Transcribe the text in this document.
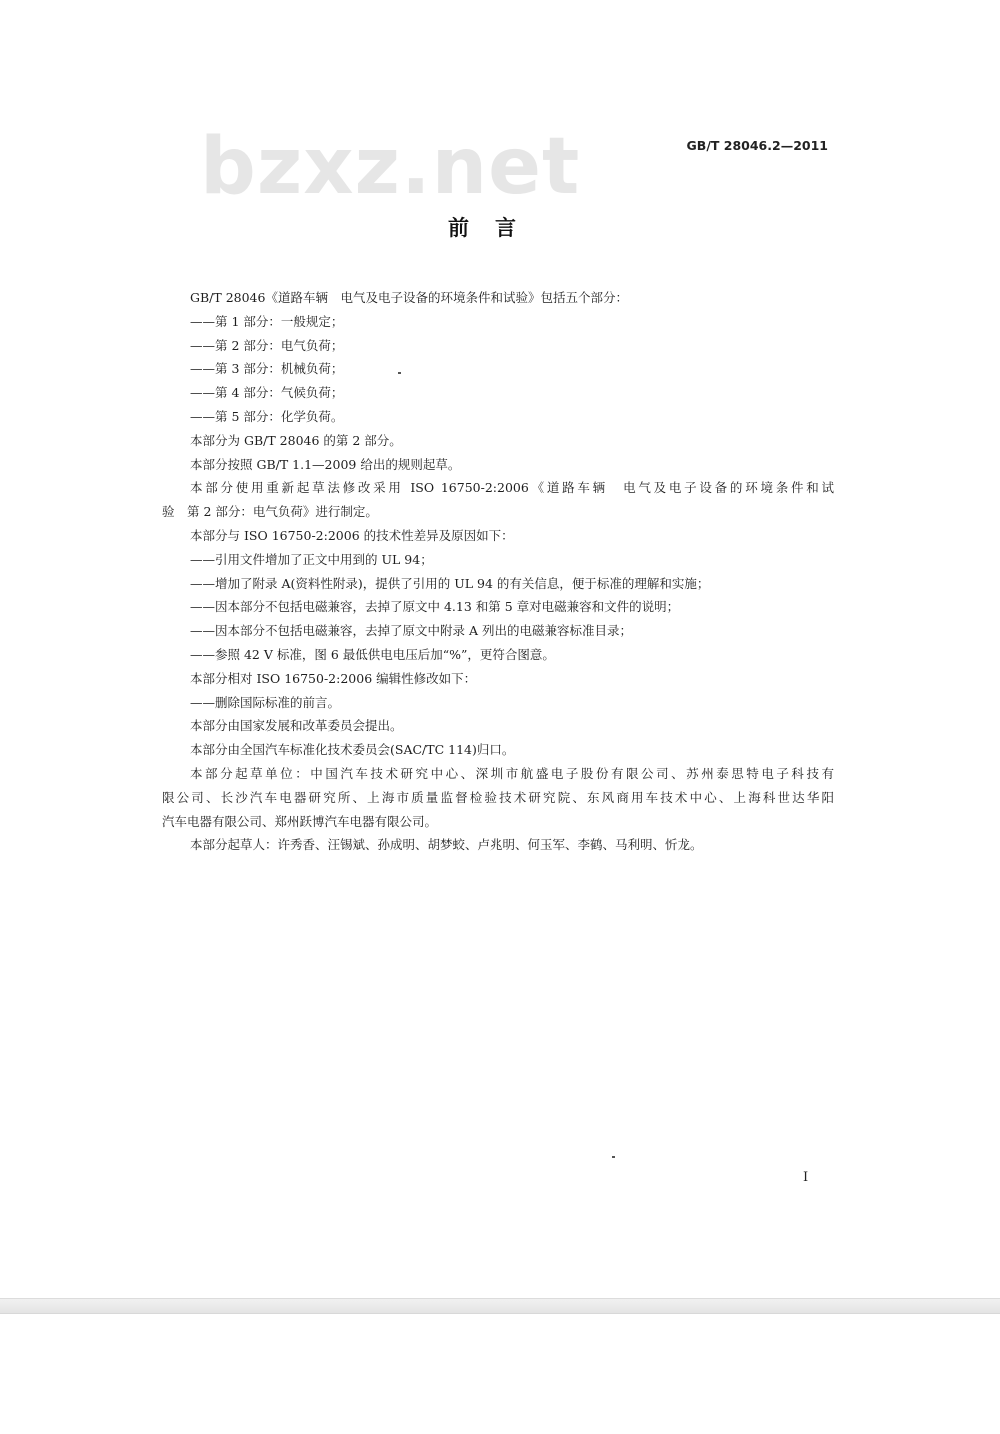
bzxz.net	GB/T 28046.2—2011
前言

GB/T 28046《道路车辆　电气及电子设备的环境条件和试验》包括五个部分：

——第 1 部分：一般规定；

——第 2 部分：电气负荷；

——第 3 部分：机械负荷；

——第 4 部分：气候负荷；

——第 5 部分：化学负荷。

本部分为 GB/T 28046 的第 2 部分。

本部分按照 GB/T 1.1—2009 给出的规则起草。

本部分使用重新起草法修改采用 ISO 16750-2:2006《道路车辆　电气及电子设备的环境条件和试

验　第 2 部分：电气负荷》进行制定。

本部分与 ISO 16750-2:2006 的技术性差异及原因如下：

——引用文件增加了正文中用到的 UL 94；

——增加了附录 A(资料性附录)，提供了引用的 UL 94 的有关信息，便于标准的理解和实施；

——因本部分不包括电磁兼容，去掉了原文中 4.13 和第 5 章对电磁兼容和文件的说明；

——因本部分不包括电磁兼容，去掉了原文中附录 A 列出的电磁兼容标准目录；

——参照 42 V 标准，图 6 最低供电电压后加“%”，更符合图意。

本部分相对 ISO 16750-2:2006 编辑性修改如下：

——删除国际标准的前言。

本部分由国家发展和改革委员会提出。

本部分由全国汽车标准化技术委员会(SAC/TC 114)归口。

本部分起草单位：中国汽车技术研究中心、深圳市航盛电子股份有限公司、苏州泰思特电子科技有

限公司、长沙汽车电器研究所、上海市质量监督检验技术研究院、东风商用车技术中心、上海科世达华阳

汽车电器有限公司、郑州跃博汽车电器有限公司。

本部分起草人：许秀香、汪锡斌、孙成明、胡梦蛟、卢兆明、何玉军、李鹤、马利明、忻龙。

I
